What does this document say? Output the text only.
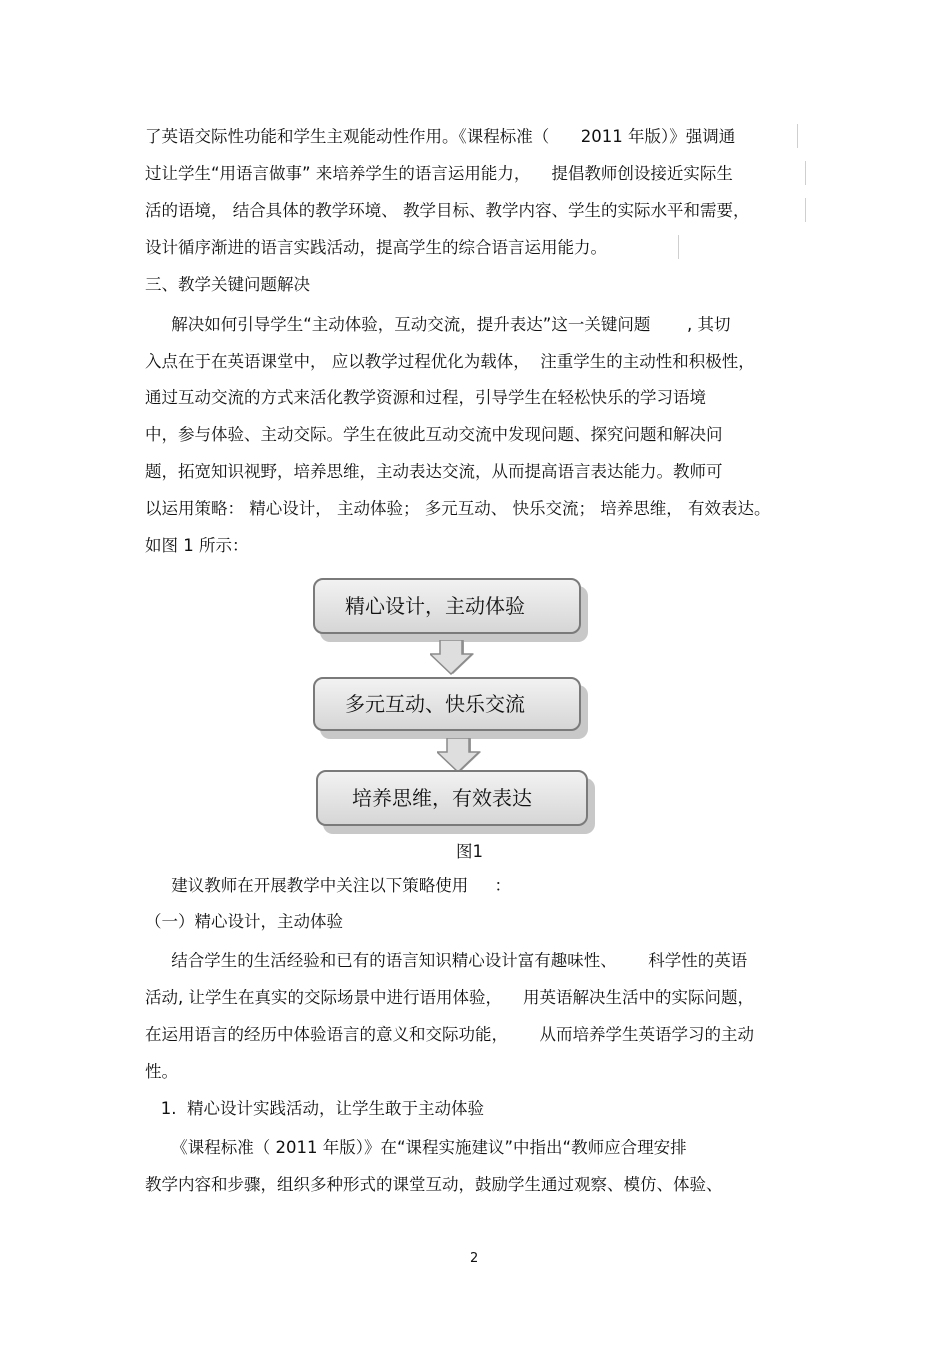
了英语交际性功能和学生主观能动性作用。《课程标准（      2011 年版）》强调通
过让学生“用语言做事” 来培养学生的语言运用能力，    提倡教师创设接近实际生
活的语境， 结合具体的教学环境、 教学目标、教学内容、学生的实际水平和需要，
设计循序渐进的语言实践活动，提高学生的综合语言运用能力。
三、教学关键问题解决
解决如何引导学生“主动体验，互动交流，提升表达”这一关键问题       , 其切
入点在于在英语课堂中， 应以教学过程优化为载体，  注重学生的主动性和积极性，
通过互动交流的方式来活化教学资源和过程，引导学生在轻松快乐的学习语境
中，参与体验、主动交际。学生在彼此互动交流中发现问题、探究问题和解决问
题，拓宽知识视野，培养思维，主动表达交流，从而提高语言表达能力。教师可
以运用策略： 精心设计， 主动体验； 多元互动、 快乐交流； 培养思维， 有效表达。
如图 1 所示：
精心设计，主动体验
多元互动、快乐交流
培养思维，有效表达
图1
建议教师在开展教学中关注以下策略使用     ：
（一）精心设计，主动体验
结合学生的生活经验和已有的语言知识精心设计富有趣味性、      科学性的英语
活动, 让学生在真实的交际场景中进行语用体验，    用英语解决生活中的实际问题，
在运用语言的经历中体验语言的意义和交际功能，      从而培养学生英语学习的主动
性。
1.  精心设计实践活动，让学生敢于主动体验
《课程标准（ 2011 年版）》在“课程实施建议”中指出“教师应合理安排
教学内容和步骤，组织多种形式的课堂互动，鼓励学生通过观察、模仿、体验、
2
